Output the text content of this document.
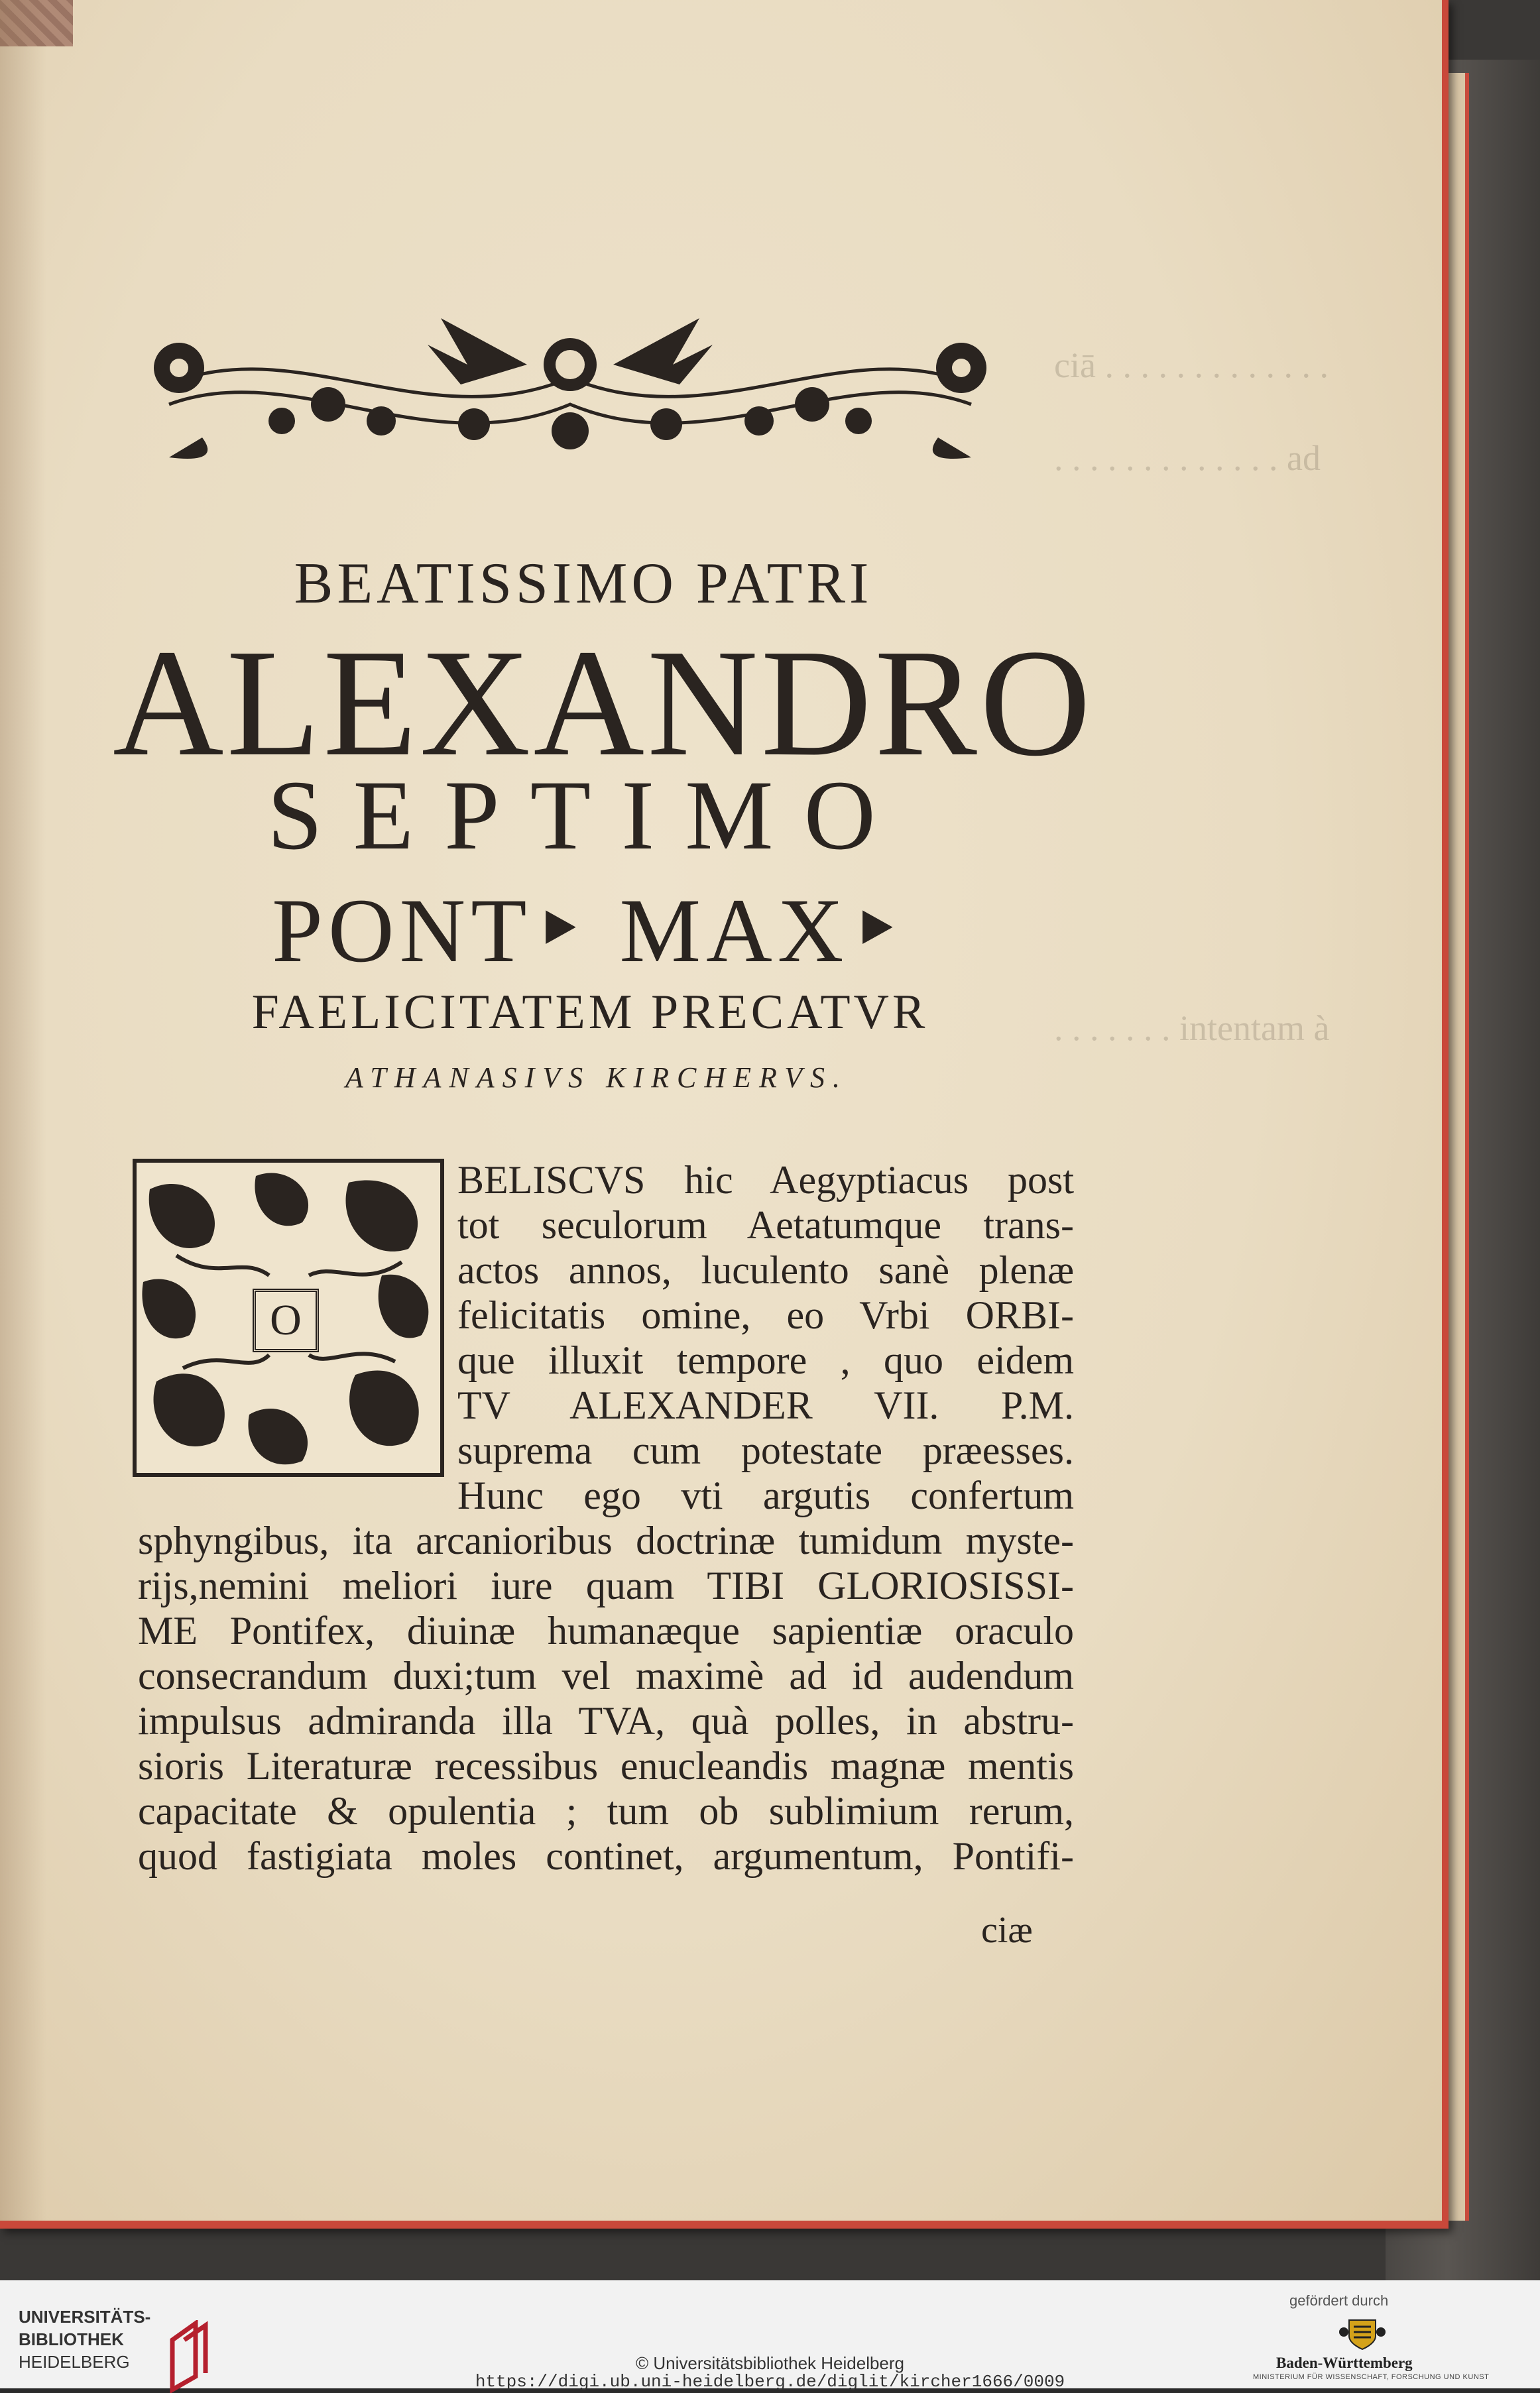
ciā . . . . . . . . . . . . .
. . . . . . . . . . . . . ad
. . . . . . . intentam à
BEATISSIMO PATRI
ALEXANDRO
SEPTIMO
PONT‣ MAX‣
FAELICITATEM PRECATVR
ATHANASIVS KIRCHERVS.
O
BELISCVS hic Aegyptiacus post
tot seculorum Aetatumque trans-
actos annos, luculento sanè plenæ
felicitatis omine, eo Vrbi ORBI-
que illuxit tempore , quo eidem
TV ALEXANDER VII. P.M.
suprema cum potestate præesses.
Hunc ego vti argutis confertum
sphyngibus, ita arcanioribus doctrinæ tumidum myste-
rijs,nemini meliori iure quam TIBI GLORIOSISSI-
ME Pontifex, diuinæ humanæque sapientiæ oraculo
consecrandum duxi;tum vel maximè ad id audendum
impulsus admiranda illa TVA, quà polles, in abstru-
sioris Literaturæ recessibus enucleandis magnæ mentis
capacitate & opulentia ; tum ob sublimium rerum,
quod fastigiata moles continet, argumentum, Pontifi-
ciæ
UNIVERSITÄTS-
BIBLIOTHEK
HEIDELBERG	© Universitätsbibliothek Heidelberg
https://digi.ub.uni-heidelberg.de/diglit/kircher1666/0009
gefördert durch
Baden-Württemberg
MINISTERIUM FÜR WISSENSCHAFT, FORSCHUNG UND KUNST
